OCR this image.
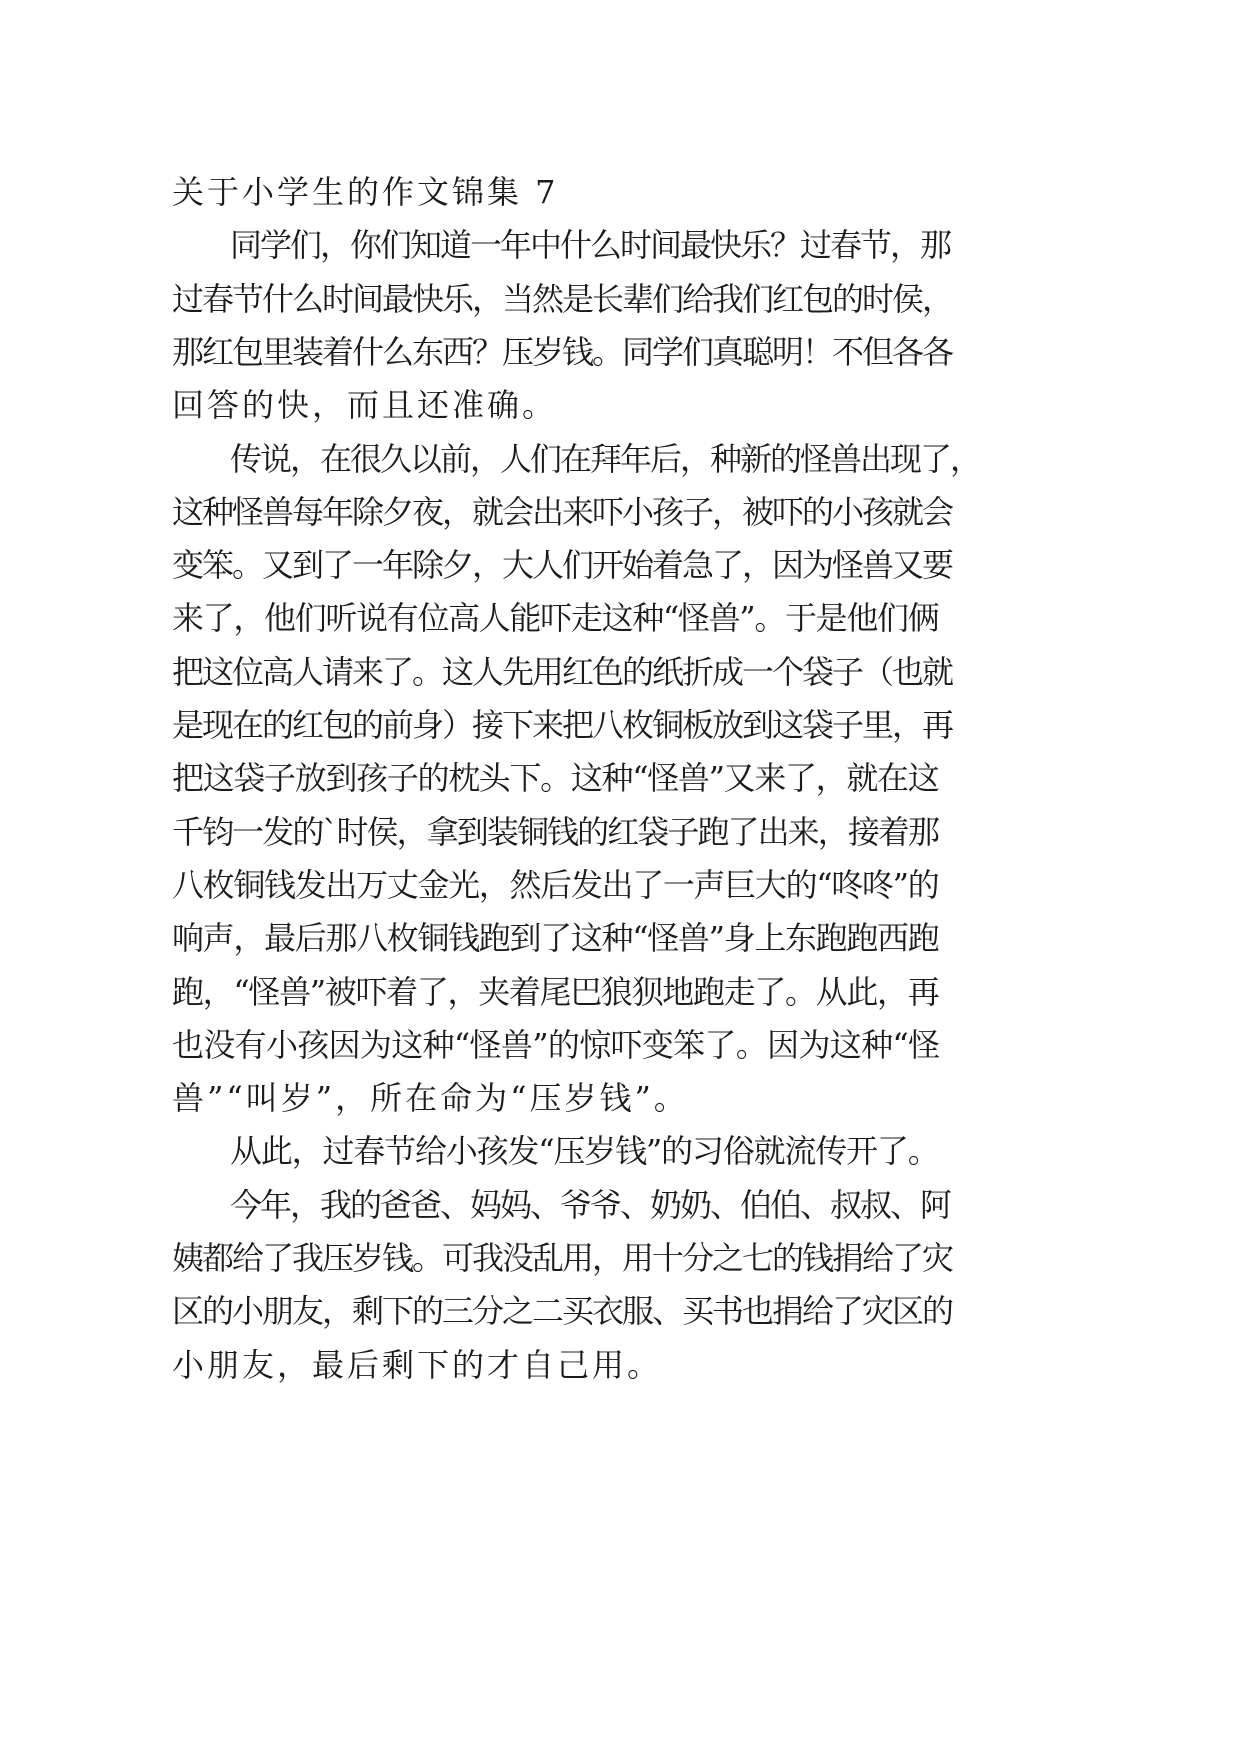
关于小学生的作文锦集 7
同学们，你们知道一年中什么时间最快乐？过春节，那
过春节什么时间最快乐，当然是长辈们给我们红包的时侯，
那红包里装着什么东西？压岁钱。同学们真聪明！不但各各
回答的快，而且还准确。
传说，在很久以前，人们在拜年后，种新的怪兽出现了，
这种怪兽每年除夕夜，就会出来吓小孩子，被吓的小孩就会
变笨。又到了一年除夕，大人们开始着急了，因为怪兽又要
来了，他们听说有位高人能吓走这种“怪兽”。于是他们俩
把这位高人请来了。这人先用红色的纸折成一个袋子（也就
是现在的红包的前身）接下来把八枚铜板放到这袋子里，再
把这袋子放到孩子的枕头下。这种“怪兽”又来了，就在这
千钧一发的`时侯，拿到装铜钱的红袋子跑了出来，接着那
八枚铜钱发出万丈金光，然后发出了一声巨大的“咚咚”的
响声，最后那八枚铜钱跑到了这种“怪兽”身上东跑跑西跑
跑，“怪兽”被吓着了，夹着尾巴狼狈地跑走了。从此，再
也没有小孩因为这种“怪兽”的惊吓变笨了。因为这种“怪
兽”“叫岁”，所在命为“压岁钱”。
从此，过春节给小孩发“压岁钱”的习俗就流传开了。
今年，我的爸爸、妈妈、爷爷、奶奶、伯伯、叔叔、阿
姨都给了我压岁钱。可我没乱用，用十分之七的钱捐给了灾
区的小朋友，剩下的三分之二买衣服、买书也捐给了灾区的
小朋友，最后剩下的才自己用。
